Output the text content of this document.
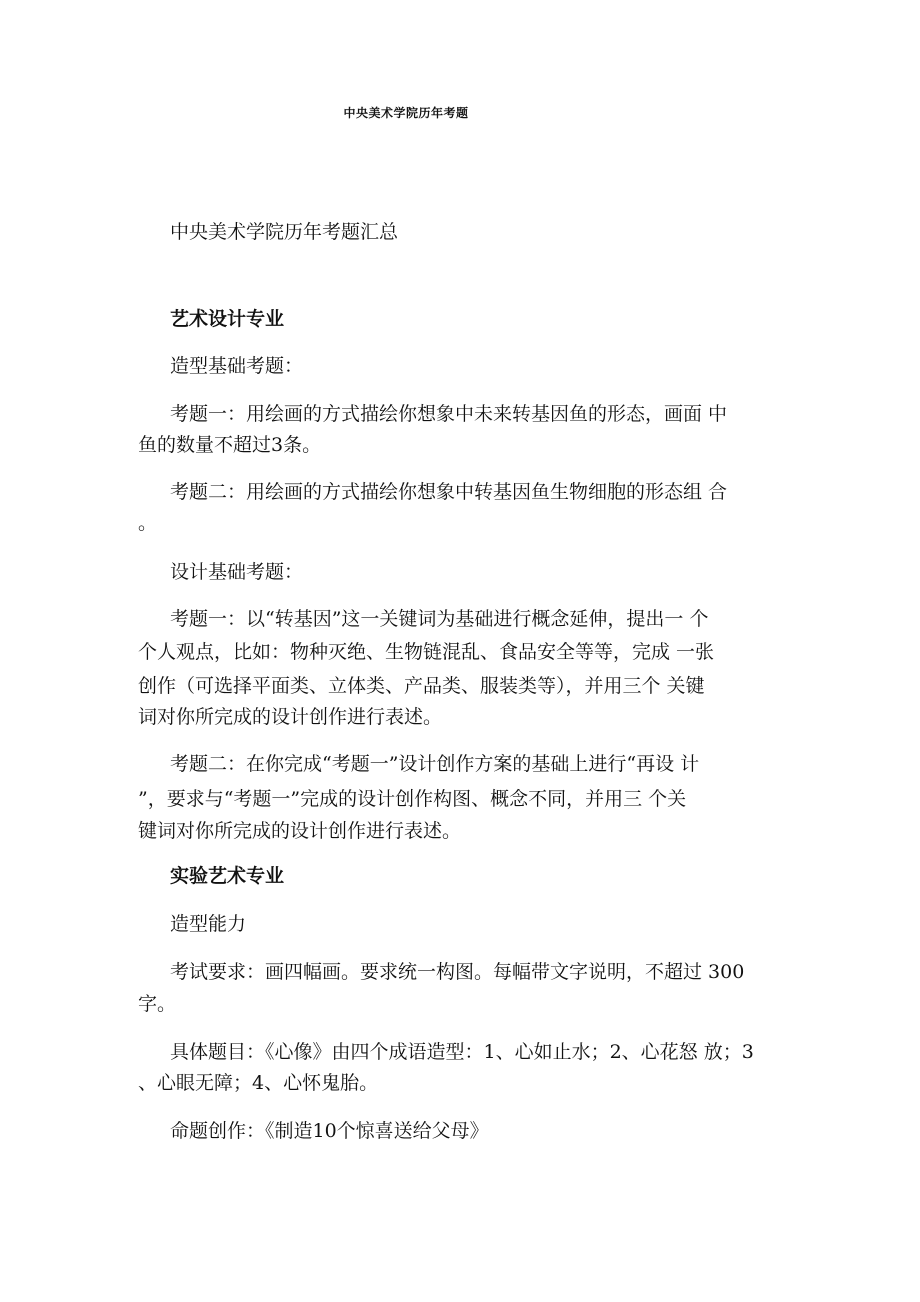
中央美术学院历年考题
中央美术学院历年考题汇总
艺术设计专业
造型基础考题：
考题一：用绘画的方式描绘你想象中未来转基因鱼的形态，画面 中
鱼的数量不超过3条。
考题二：用绘画的方式描绘你想象中转基因鱼生物细胞的形态组 合
。
设计基础考题：
考题一：以“转基因”这一关键词为基础进行概念延伸，提出一 个
个人观点，比如：物种灭绝、生物链混乱、食品安全等等，完成 一张
创作（可选择平面类、立体类、产品类、服装类等），并用三个 关键
词对你所完成的设计创作进行表述。
考题二：在你完成“考题一”设计创作方案的基础上进行“再设 计
”，要求与“考题一”完成的设计创作构图、概念不同，并用三 个关
键词对你所完成的设计创作进行表述。
实验艺术专业
造型能力
考试要求：画四幅画。要求统一构图。每幅带文字说明，不超过 300
字。
具体题目：《心像》由四个成语造型：1、心如止水；2、心花怒 放；3
、心眼无障；4、心怀鬼胎。
命题创作：《制造10个惊喜送给父母》
